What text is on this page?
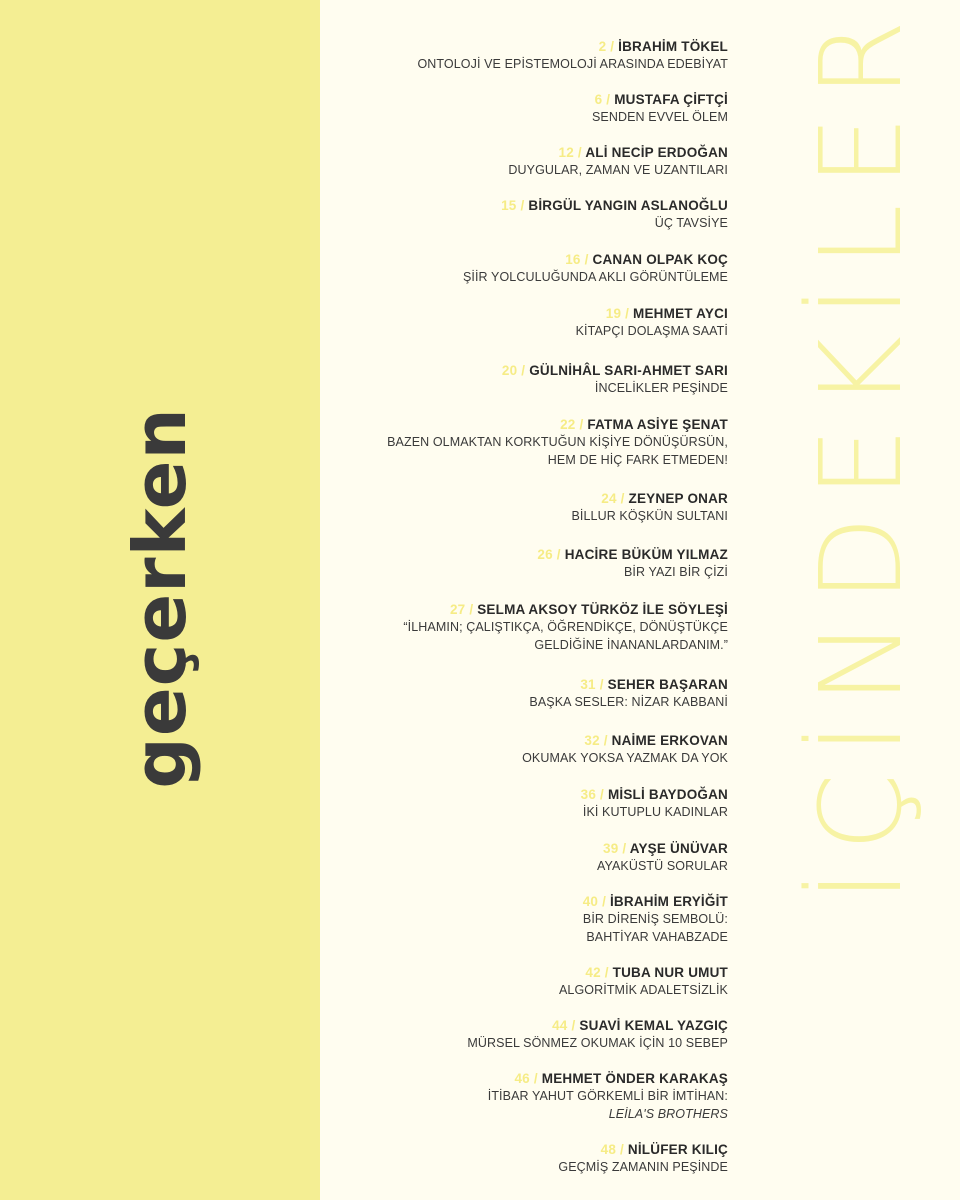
geçerken	İÇİNDEKİLER
2 / İBRAHİM TÖKEL
ONTOLOJİ VE EPİSTEMOLOJİ ARASINDA EDEBİYAT
6 / MUSTAFA ÇİFTÇİ
SENDEN EVVEL ÖLEM
12 / ALİ NECİP ERDOĞAN
DUYGULAR, ZAMAN VE UZANTILARI
15 / BİRGÜL YANGIN ASLANOĞLU
ÜÇ TAVSİYE
16 / CANAN OLPAK KOÇ
ŞİİR YOLCULUĞUNDA AKLI GÖRÜNTÜLEME
19 / MEHMET AYCI
KİTAPÇI DOLAŞMA SAATİ
20 / GÜLNİHÂL SARI-AHMET SARI
İNCELİKLER PEŞİNDE
22 / FATMA ASİYE ŞENAT
BAZEN OLMAKTAN KORKTUĞUN KİŞİYE DÖNÜŞÜRSÜN,
HEM DE HİÇ FARK ETMEDEN!
24 / ZEYNEP ONAR
BİLLUR KÖŞKÜN SULTANI
26 / HACİRE BÜKÜM YILMAZ
BİR YAZI BİR ÇİZİ
27 / SELMA AKSOY TÜRKÖZ İLE SÖYLEŞİ
“İLHAMIN; ÇALIŞTIKÇA, ÖĞRENDİKÇE, DÖNÜŞTÜKÇE
GELDİĞİNE İNANANLARDANIM.”
31 / SEHER BAŞARAN
BAŞKA SESLER: NİZAR KABBANİ
32 / NAİME ERKOVAN
OKUMAK YOKSA YAZMAK DA YOK
36 / MİSLİ BAYDOĞAN
İKİ KUTUPLU KADINLAR
39 / AYŞE ÜNÜVAR
AYAKÜSTÜ SORULAR
40 / İBRAHİM ERYİĞİT
BİR DİRENİŞ SEMBOLÜ:
BAHTİYAR VAHABZADE
42 / TUBA NUR UMUT
ALGORİTMİK ADALETSİZLİK
44 / SUAVİ KEMAL YAZGIÇ
MÜRSEL SÖNMEZ OKUMAK İÇİN 10 SEBEP
46 / MEHMET ÖNDER KARAKAŞ
İTİBAR YAHUT GÖRKEMLİ BİR İMTİHAN:
LEİLA'S BROTHERS
48 / NİLÜFER KILIÇ
GEÇMİŞ ZAMANIN PEŞİNDE
